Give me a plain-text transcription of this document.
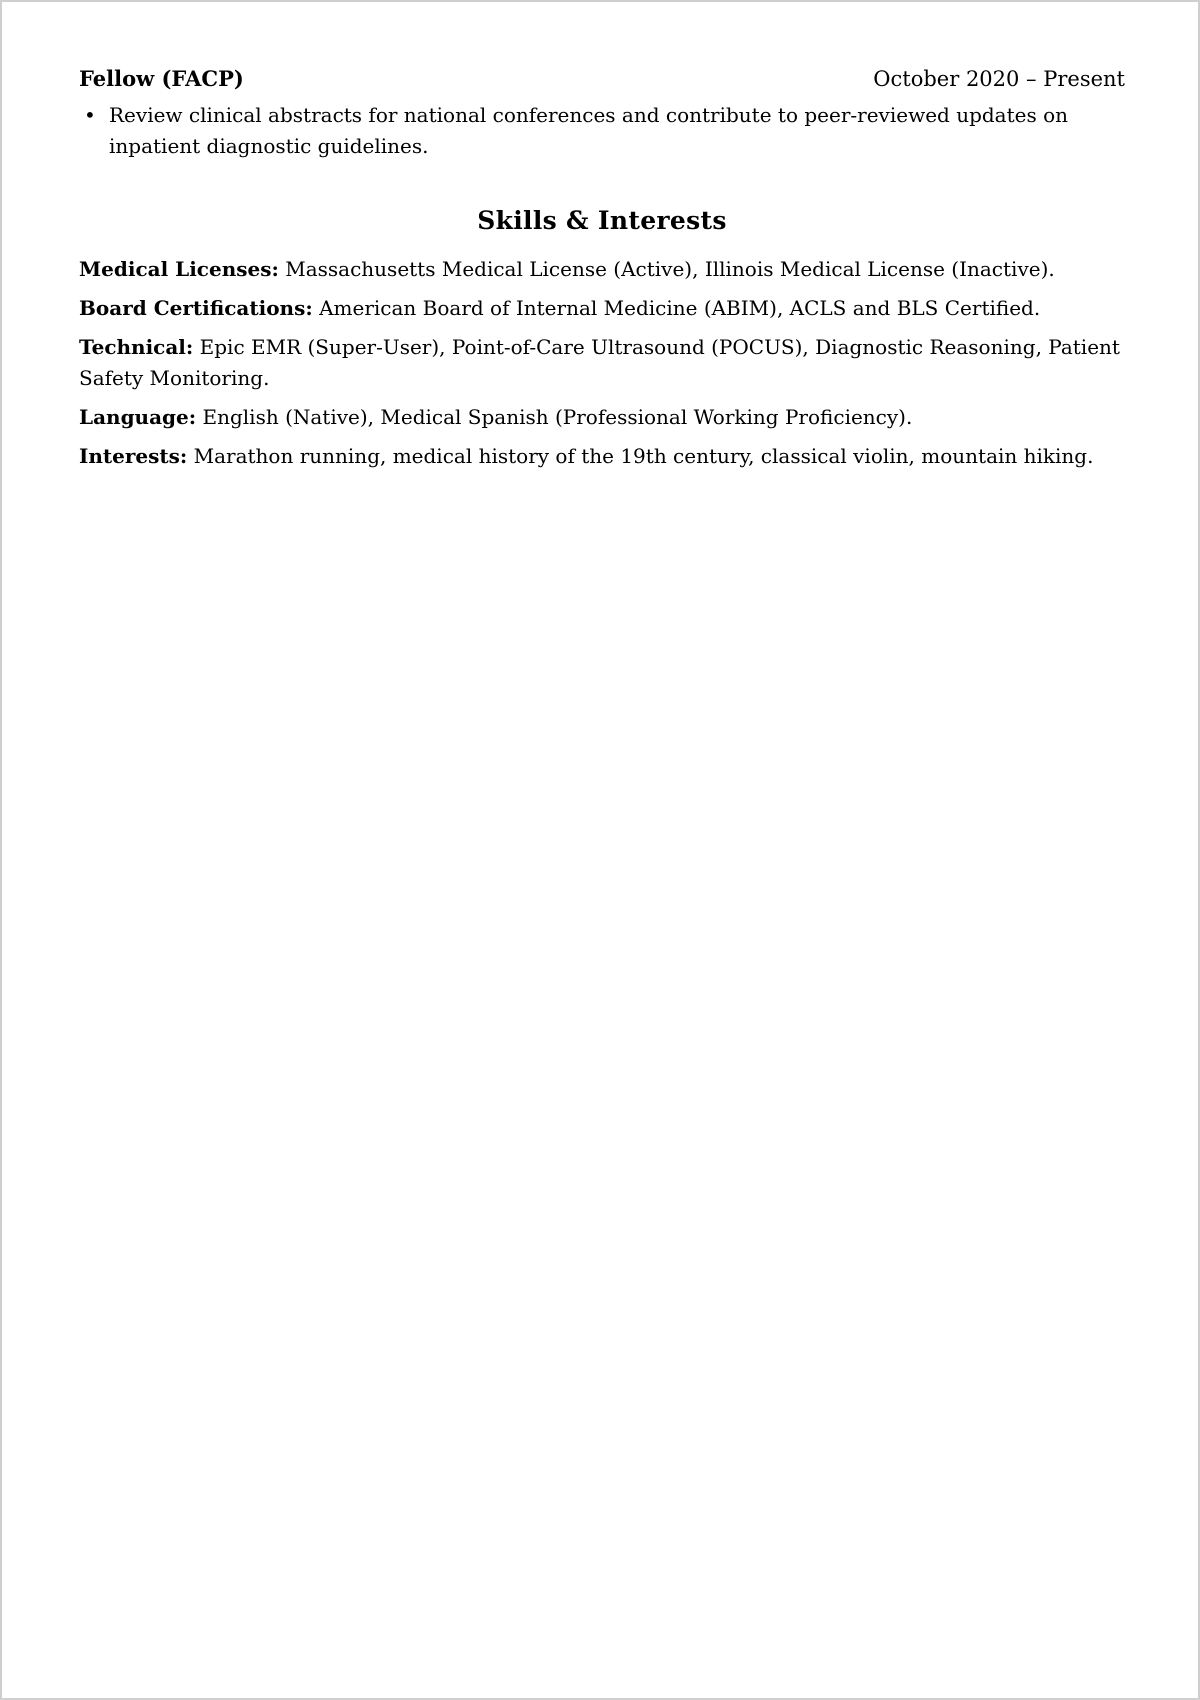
Fellow (FACP)	October 2020 – Present
• Review clinical abstracts for national conferences and contribute to peer-reviewed updates on inpatient diagnostic guidelines.
Skills & Interests

Medical Licenses: Massachusetts Medical License (Active), Illinois Medical License (Inactive).

Board Certifications: American Board of Internal Medicine (ABIM), ACLS and BLS Certified.

Technical: Epic EMR (Super-User), Point-of-Care Ultrasound (POCUS), Diagnostic Reasoning, Patient Safety Monitoring.

Language: English (Native), Medical Spanish (Professional Working Proficiency).

Interests: Marathon running, medical history of the 19th century, classical violin, mountain hiking.
